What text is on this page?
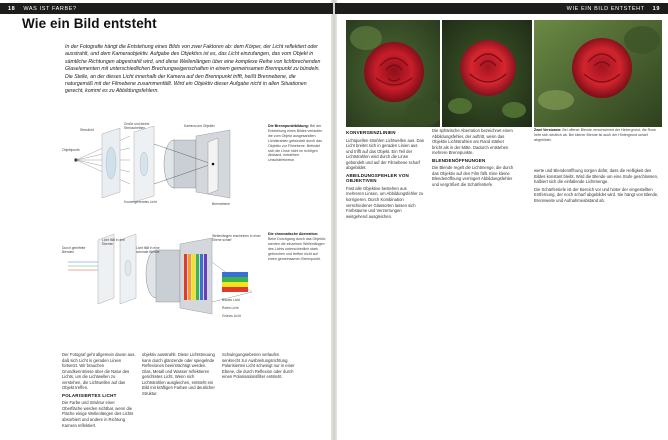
18 WAS IST FARBE?	WIE EIN BILD ENTSTEHT 19
Wie ein Bild entsteht

In der Fotografie hängt die Entstehung eines Bilds von zwei Faktoren ab: dem Körper, der Licht reflektiert oder ausstrahlt, und dem Kameraobjektiv. Aufgabe des Objektivs ist es, das Licht einzufangen, das vom Objekt in sämtliche Richtungen abgestrahlt wird, und diese Wellenlängen über eine komplexe Reihe von lichtbrechenden Glaselementen mit unterschiedlichen Brechungseigenschaften in einem gemeinsamen Brennpunkt zu bündeln. Die Stelle, an der dieses Licht innerhalb der Kamera auf den Brennpunkt trifft, heißt Brennebene, die naturgemäß mit der Filmebene zusammenfällt. Wird ein Objektiv dieser Aufgabe nicht in allen Situationen gerecht, kommt es zu Abbildungsfehlern.

Objektpunkt
Streulicht
Große und kleine Streuscheiben
Konvergierendes Licht
Kamera und Objektiv
Brennebene
Durch geriefelte Blenden
Licht fällt in drei Ebenen
Licht fällt in eine schmale Blende
Wellenlängen erscheinen in einer Ebene scharf
Blaues Licht
Rotes Licht
Grünes Licht
Die Brennpunktbildung: Bei der Entstehung eines Bildes verlaufen die vom Objekt ausgesandten Lichtstrahlen gebündelt durch das Objektiv zur Filmebene. Befindet sich die Linse nicht im richtigen Abstand, entstehen Unschärfekreise.
Die chromatische Aberration: Beim Durchgang durch das Objektiv werden die einzelnen Wellenlängen des Lichts unterschiedlich stark gebrochen und treffen nicht auf einen gemeinsamen Brennpunkt.

Der Fotograf geht allgemein davon aus, daß sich Licht in geraden Linien fortsetzt. Wir brauchen Grundkenntnisse über die Natur des Lichts, um die Lichtwellen zu verstehen, die Lichtwellen auf das Objekt treffen.

POLARISIERTES LICHT

Die Farbe und Struktur einer Oberfläche werden sichtbar, wenn die Fläche einige Wellenlängen des Lichts absorbiert und andere in Richtung Kamera reflektiert.

objektiv ausstrahlt. Diese Lichtstreuung kann durch glänzende oder spiegelnde Reflexionen beeinträchtigt werden. Glas, Metall und Wasser reflektieren gerichtetes Licht. Wenn sich Lichtstrahlen ausgleichen, entsteht ein Bild mit kräftigen Farben und deutlicher Struktur.

Schwingungsebenen verlaufen senkrecht zur Ausbreitungsrichtung. Polarisiertes Licht schwingt nur in einer Ebene, die durch Reflexion oder durch einen Polarisationsfilter entsteht.

KONVERGENZLINIEN

Lichtquellen strahlen Lichtwellen aus. Das Licht breitet sich in geraden Linien aus und trifft auf das Objekt. Ein Teil der Lichtstrahlen wird durch die Linse gebündelt und auf der Filmebene scharf abgebildet.

ABBILDUNGSFEHLER VON OBJEKTIVEN

Fast alle Objektive bestehen aus mehreren Linsen, um Abbildungsfehler zu korrigieren. Durch Kombination verschiedener Glassorten lassen sich Farbsäume und Verzerrungen weitgehend ausgleichen.

Die sphärische Aberration bezeichnet einen Abbildungsfehler, der auftritt, wenn das Objektiv Lichtstrahlen am Rand stärker bricht als in der Mitte. Dadurch entstehen mehrere Brennpunkte.

BLENDENÖFFNUNGEN

Die Blende regelt die Lichtmenge, die durch das Objektiv auf den Film fällt. Eine kleine Blendenöffnung verringert Abbildungsfehler und vergrößert die Schärfentiefe.

werte und Blendenöffnung sorgen dafür, dass die Helligkeit des Bildes konstant bleibt. Wird die Blende um eine Stufe geschlossen, halbiert sich die einfallende Lichtmenge.

Die Schärfentiefe ist der Bereich vor und hinter der eingestellten Entfernung, der noch scharf abgebildet wird. Sie hängt von Blende, Brennweite und Aufnahmeabstand ab.

Zwei Versionen: Bei offener Blende verschwimmt der Hintergrund, die Rose hebt sich deutlich ab. Bei kleiner Blende ist auch der Hintergrund scharf abgebildet.
